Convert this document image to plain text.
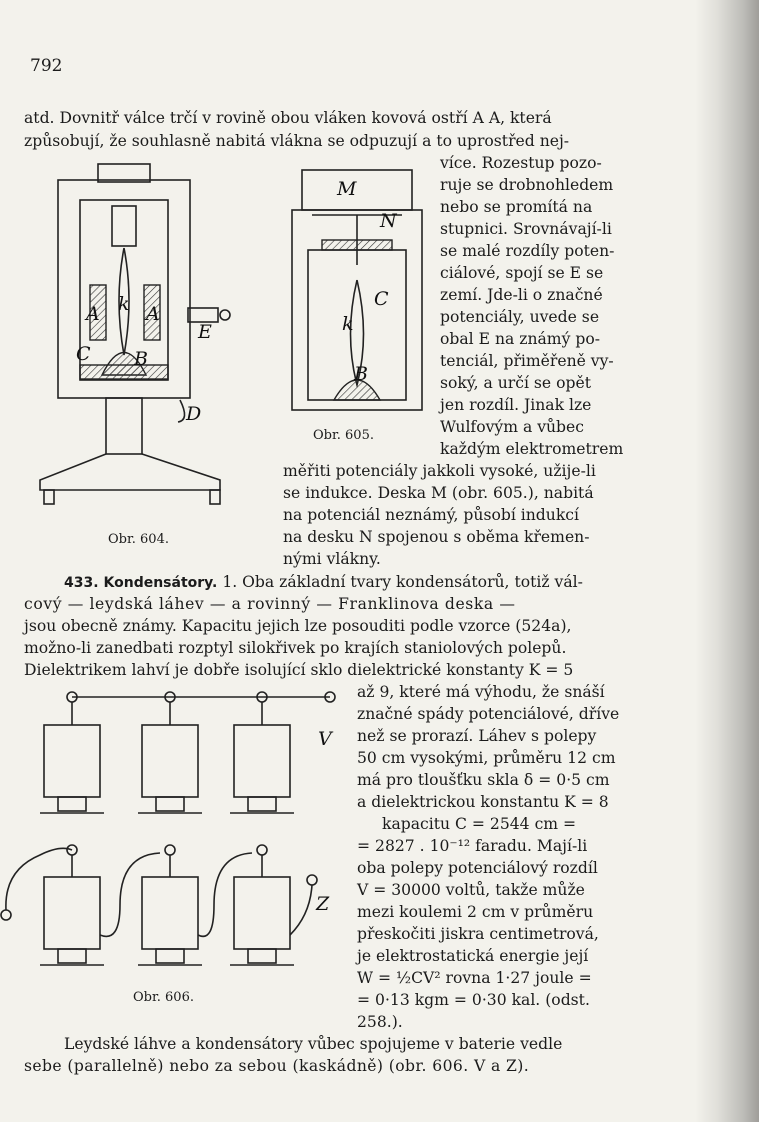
792
atd. Dovnitř válce trčí v rovině obou vláken kovová ostří A A, která
způsobují, že souhlasně nabitá vlákna se odpuzují a to uprostřed nej-
více. Rozestup pozo-
ruje se drobnohledem
nebo se promítá na
stupnici. Srovnávají-li
se malé rozdíly poten-
ciálové, spojí se E se
zemí. Jde-li o značné
potenciály, uvede se
obal E na známý po-
tenciál, přiměřeně vy-
soký, a určí se opět
jen rozdíl. Jinak lze
Wulfovým a vůbec
každým elektrometrem
měřiti potenciály jakkoli vysoké, užije-li
se indukce. Deska M (obr. 605.), nabitá
na potenciál neznámý, působí indukcí
na desku N spojenou s oběma křemen-
nými vlákny.
433. Kondensátory. 1. Oba základní tvary kondensátorů, totiž vál-
cový — leydská láhev — a rovinný — Franklinova deska —
jsou obecně známy. Kapacitu jejich lze posouditi podle vzorce (524a),
možno-li zanedbati rozptyl silokřivek po krajích staniolových polepů.
Dielektrikem lahví je dobře isolující sklo dielektrické konstanty K = 5
až 9, které má výhodu, že snáší
značné spády potenciálové, dříve
než se prorazí. Láhev s polepy
50 cm vysokými, průměru 12 cm
má pro tloušťku skla δ = 0·5 cm
a dielektrickou konstantu K = 8
kapacitu C = 2544 cm =
= 2827 . 10⁻¹² faradu. Mají-li
oba polepy potenciálový rozdíl
V = 30000 voltů, takže může
mezi koulemi 2 cm v průměru
přeskočiti jiskra centimetrová,
je elektrostatická energie její
W = ½CV² rovna 1·27 joule =
= 0·13 kgm = 0·30 kal. (odst.
258.).
Leydské láhve a kondensátory vůbec spojujeme v baterie vedle
sebe (parallelně) nebo za sebou (kaskádně) (obr. 606. V a Z).
Obr. 604.
Obr. 605.
Obr. 606.
A k A
E
C B
D
M
N
C
k
B
V
Z
